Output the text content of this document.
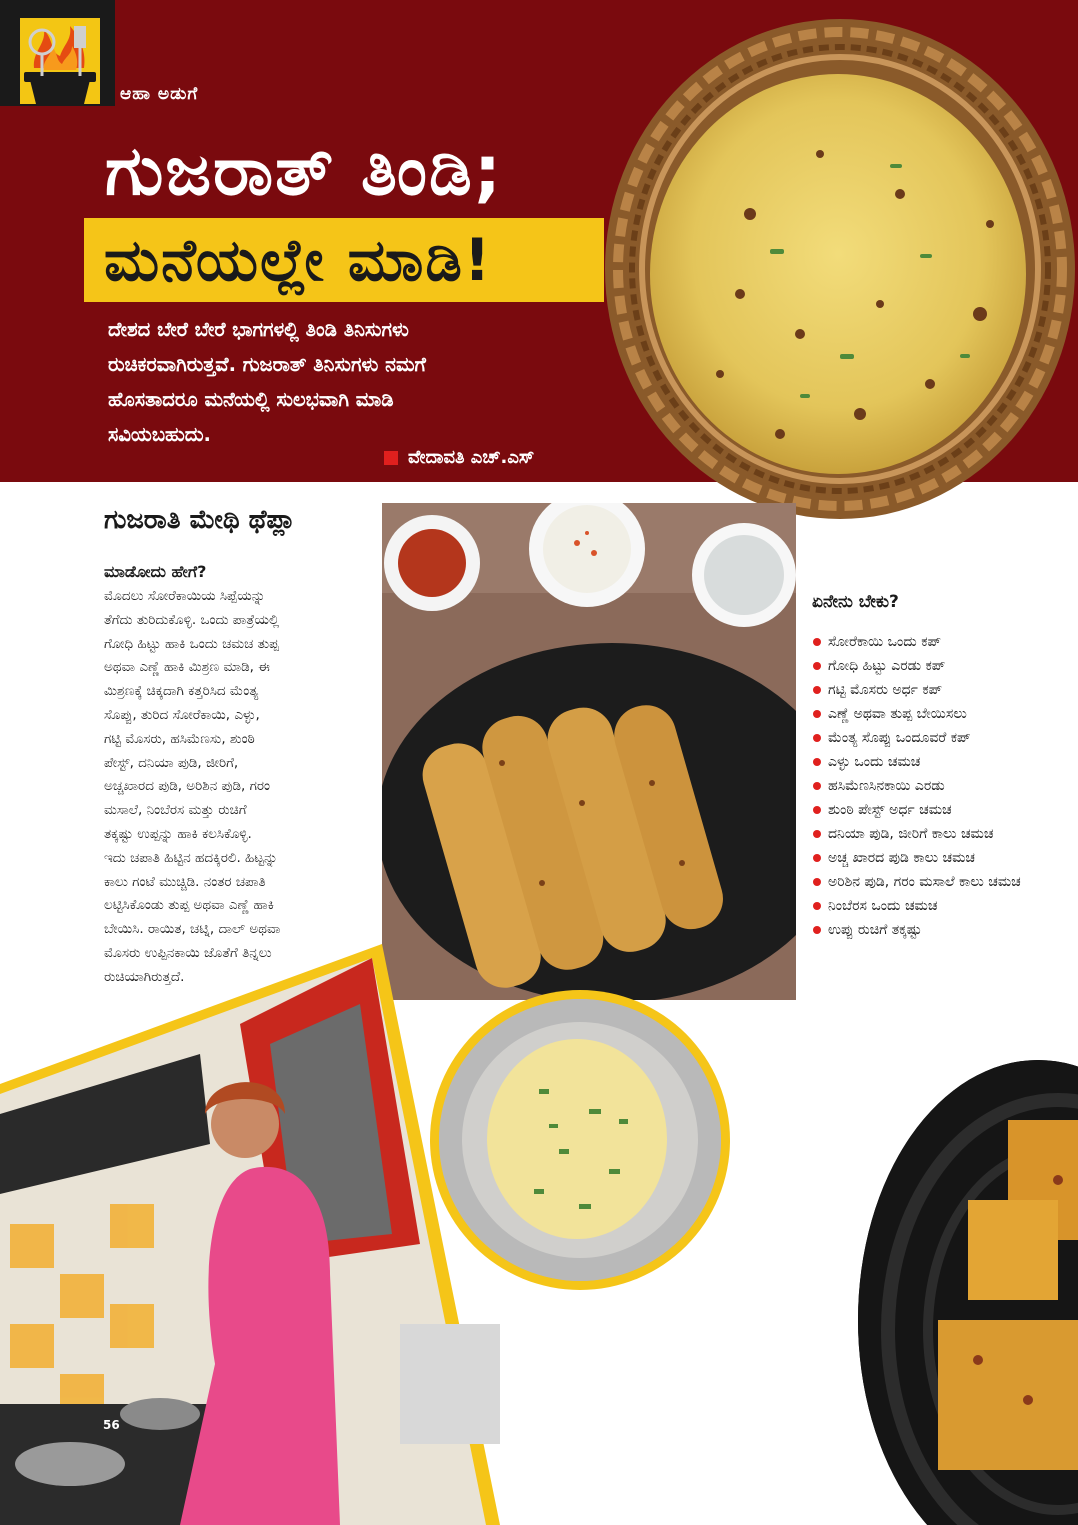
ಆಹಾ ಅಡುಗೆ
ಗುಜರಾತ್ ತಿಂಡಿ;
ಮನೆಯಲ್ಲೇ ಮಾಡಿ!
ದೇಶದ ಬೇರೆ ಬೇರೆ ಭಾಗಗಳಲ್ಲಿ ತಿಂಡಿ ತಿನಿಸುಗಳು
ರುಚಿಕರವಾಗಿರುತ್ತವೆ. ಗುಜರಾತ್ ತಿನಿಸುಗಳು ನಮಗೆ
ಹೊಸತಾದರೂ ಮನೆಯಲ್ಲಿ ಸುಲಭವಾಗಿ ಮಾಡಿ
ಸವಿಯಬಹುದು.
ವೇದಾವತಿ ಎಚ್.ಎಸ್
ಗುಜರಾತಿ ಮೇಥಿ ಥೆಪ್ಲಾ
ಮಾಡೋದು ಹೇಗೆ?
ಮೊದಲು ಸೋರೆಕಾಯಿಯ ಸಿಪ್ಪೆಯನ್ನು
ತೆಗೆದು ತುರಿದುಕೊಳ್ಳಿ. ಒಂದು ಪಾತ್ರೆಯಲ್ಲಿ
ಗೋಧಿ ಹಿಟ್ಟು ಹಾಕಿ ಒಂದು ಚಮಚ ತುಪ್ಪ
ಅಥವಾ ಎಣ್ಣೆ ಹಾಕಿ ಮಿಶ್ರಣ ಮಾಡಿ, ಈ
ಮಿಶ್ರಣಕ್ಕೆ ಚಿಕ್ಕದಾಗಿ ಕತ್ತರಿಸಿದ ಮೆಂತ್ಯ
ಸೊಪ್ಪು, ತುರಿದ ಸೋರೆಕಾಯಿ, ಎಳ್ಳು,
ಗಟ್ಟಿ ಮೊಸರು, ಹಸಿಮೆಣಸು, ಶುಂಠಿ
ಪೇಸ್ಟ್, ದನಿಯಾ ಪುಡಿ, ಜೀರಿಗೆ,
ಅಚ್ಚಖಾರದ ಪುಡಿ, ಅರಿಶಿನ ಪುಡಿ, ಗರಂ
ಮಸಾಲೆ, ನಿಂಬೆರಸ ಮತ್ತು ರುಚಿಗೆ
ತಕ್ಕಷ್ಟು ಉಪ್ಪನ್ನು ಹಾಕಿ ಕಲಸಿಕೊಳ್ಳಿ.
ಇದು ಚಪಾತಿ ಹಿಟ್ಟಿನ ಹದಕ್ಕಿರಲಿ. ಹಿಟ್ಟನ್ನು
ಕಾಲು ಗಂಟೆ ಮುಚ್ಚಿಡಿ. ನಂತರ ಚಪಾತಿ
ಲಟ್ಟಿಸಿಕೊಂಡು ತುಪ್ಪ ಅಥವಾ ಎಣ್ಣೆ ಹಾಕಿ
ಬೇಯಿಸಿ. ರಾಯಿತ, ಚಟ್ನಿ, ದಾಲ್ ಅಥವಾ
ಮೊಸರು ಉಪ್ಪಿನಕಾಯಿ ಜೊತೆಗೆ ತಿನ್ನಲು
ರುಚಿಯಾಗಿರುತ್ತದೆ.
ಏನೇನು ಬೇಕು?
ಸೋರೆಕಾಯಿ ಒಂದು ಕಪ್
ಗೋಧಿ ಹಿಟ್ಟು ಎರಡು ಕಪ್
ಗಟ್ಟಿ ಮೊಸರು ಅರ್ಧ ಕಪ್
ಎಣ್ಣೆ ಅಥವಾ ತುಪ್ಪ ಬೇಯಿಸಲು
ಮೆಂತ್ಯ ಸೊಪ್ಪು ಒಂದೂವರೆ ಕಪ್
ಎಳ್ಳು ಒಂದು ಚಮಚ
ಹಸಿಮೆಣಸಿನಕಾಯಿ ಎರಡು
ಶುಂಠಿ ಪೇಸ್ಟ್ ಅರ್ಧ ಚಮಚ
ದನಿಯಾ ಪುಡಿ, ಜೀರಿಗೆ ಕಾಲು ಚಮಚ
ಅಚ್ಚ ಖಾರದ ಪುಡಿ ಕಾಲು ಚಮಚ
ಅರಿಶಿನ ಪುಡಿ, ಗರಂ ಮಸಾಲೆ ಕಾಲು ಚಮಚ
ನಿಂಬೆರಸ ಒಂದು ಚಮಚ
ಉಪ್ಪು ರುಚಿಗೆ ತಕ್ಕಷ್ಟು
56
